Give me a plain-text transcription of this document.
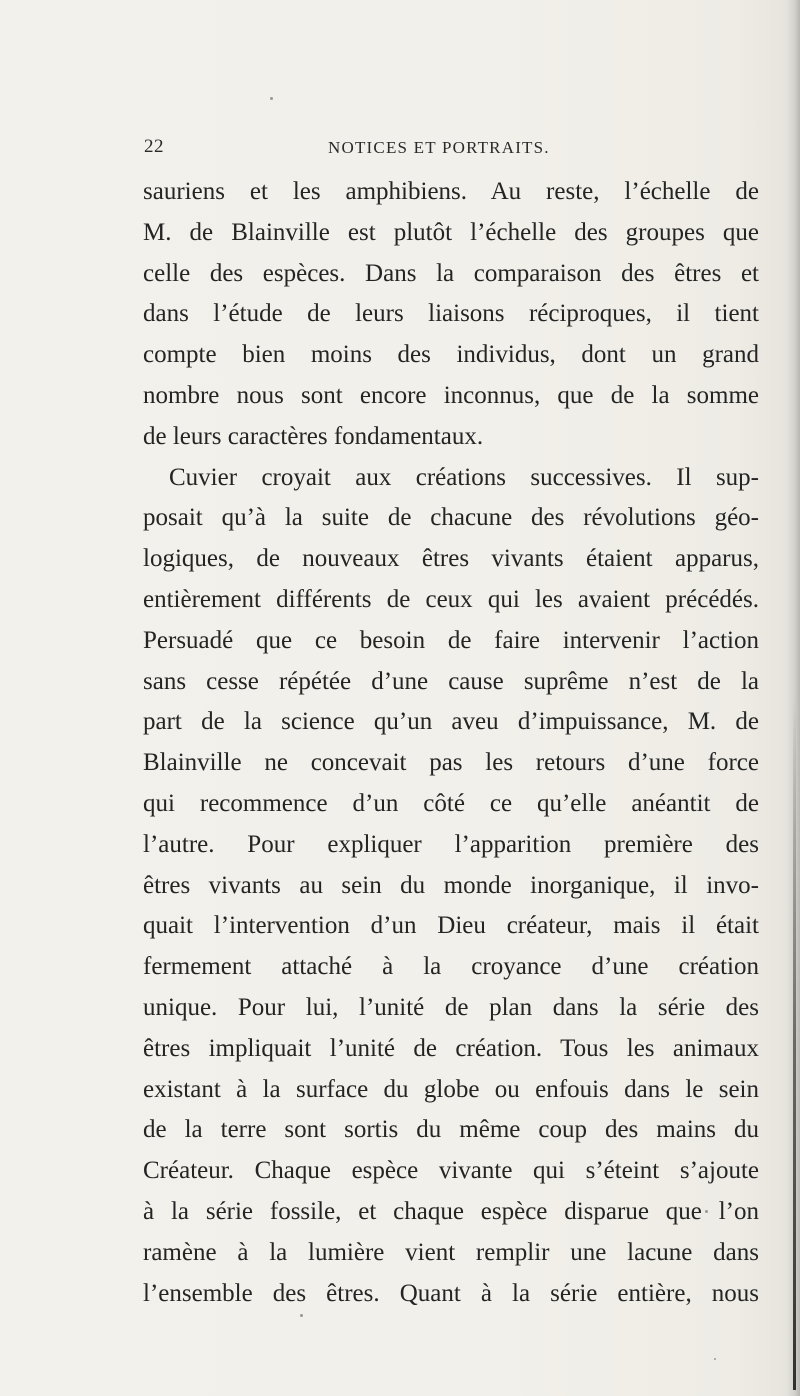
22	NOTICES ET PORTRAITS.
sauriens et les amphibiens. Au reste, l’échelle de
M. de Blainville est plutôt l’échelle des groupes que
celle des espèces. Dans la comparaison des êtres et
dans l’étude de leurs liaisons réciproques, il tient
compte bien moins des individus, dont un grand
nombre nous sont encore inconnus, que de la somme
de leurs caractères fondamentaux.
Cuvier croyait aux créations successives. Il sup-
posait qu’à la suite de chacune des révolutions géo-
logiques, de nouveaux êtres vivants étaient apparus,
entièrement différents de ceux qui les avaient précédés.
Persuadé que ce besoin de faire intervenir l’action
sans cesse répétée d’une cause suprême n’est de la
part de la science qu’un aveu d’impuissance, M. de
Blainville ne concevait pas les retours d’une force
qui recommence d’un côté ce qu’elle anéantit de
l’autre. Pour expliquer l’apparition première des
êtres vivants au sein du monde inorganique, il invo-
quait l’intervention d’un Dieu créateur, mais il était
fermement attaché à la croyance d’une création
unique. Pour lui, l’unité de plan dans la série des
êtres impliquait l’unité de création. Tous les animaux
existant à la surface du globe ou enfouis dans le sein
de la terre sont sortis du même coup des mains du
Créateur. Chaque espèce vivante qui s’éteint s’ajoute
à la série fossile, et chaque espèce disparue que l’on
ramène à la lumière vient remplir une lacune dans
l’ensemble des êtres. Quant à la série entière, nous
